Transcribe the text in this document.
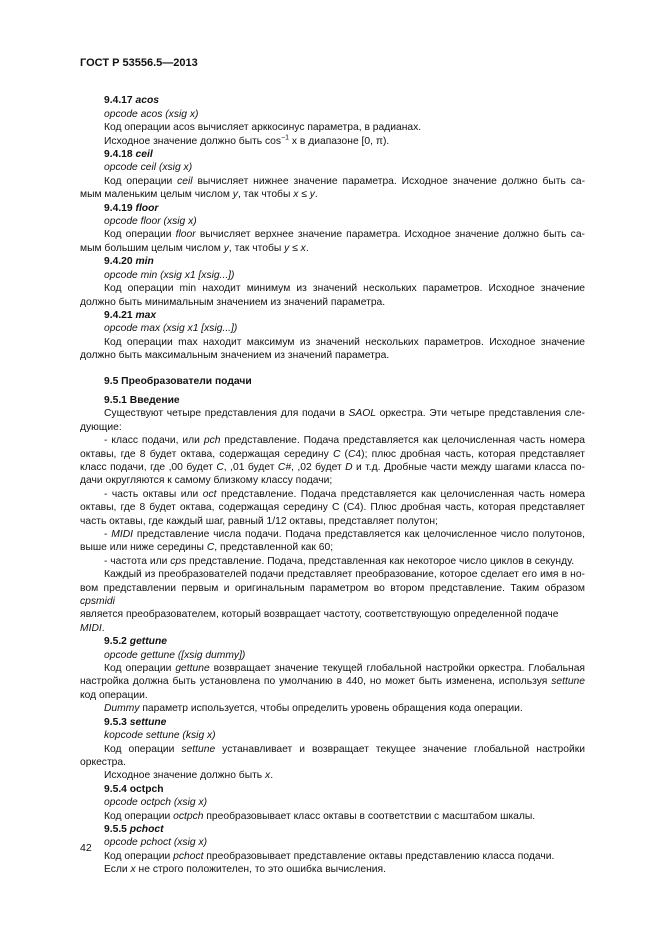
ГОСТ Р 53556.5—2013

9.4.17 acos

opcode acos (xsig x)

Код операции acos вычисляет арккосинус параметра, в радианах.

Исходное значение должно быть $\cos^{-1} x$ в диапазоне [0, π).

9.4.18 ceil

opcode ceil (xsig x)

Код операции ceil вычисляет нижнее значение параметра. Исходное значение должно быть са-

мым маленьким целым числом y, так чтобы x ≤ y.

9.4.19 floor

opcode floor (xsig x)

Код операции floor вычисляет верхнее значение параметра. Исходное значение должно быть са-

мым большим целым числом y, так чтобы y ≤ x.

9.4.20 min

opcode min (xsig x1 [xsig...])

Код операции min находит минимум из значений нескольких параметров. Исходное значение

должно быть минимальным значением из значений параметра.

9.4.21 max

opcode max (xsig x1 [xsig...])

Код операции max находит максимум из значений нескольких параметров. Исходное значение

должно быть максимальным значением из значений параметра.

9.5 Преобразователи подачи

9.5.1 Введение

Существуют четыре представления для подачи в SAOL оркестра. Эти четыре представления сле-

дующие:

- класс подачи, или pch представление. Подача представляется как целочисленная часть номера

октавы, где 8 будет октава, содержащая середину C (C4); плюс дробная часть, которая представляет

класс подачи, где ,00 будет C, ,01 будет C#, ,02 будет D и т.д. Дробные части между шагами класса по-

дачи округляются к самому близкому классу подачи;

- часть октавы или oct представление. Подача представляется как целочисленная часть номера

октавы, где 8 будет октава, содержащая середину C (C4). Плюс дробная часть, которая представляет

часть октавы, где каждый шаг, равный 1/12 октавы, представляет полутон;

- MIDI представление числа подачи. Подача представляется как целочисленное число полутонов,

выше или ниже середины C, представленной как 60;

- частота или cps представление. Подача, представленная как некоторое число циклов в секунду.

Каждый из преобразователей подачи представляет преобразование, которое сделает его имя в но-

вом представлении первым и оригинальным параметром во втором представление. Таким образом cpsmidi

является преобразователем, который возвращает частоту, соответствующую определенной подаче MIDI.

9.5.2 gettune

opcode gettune ([xsig dummy])

Код операции gettune возвращает значение текущей глобальной настройки оркестра. Глобальная

настройка должна быть установлена по умолчанию в 440, но может быть изменена, используя settune

код операции.

Dummy параметр используется, чтобы определить уровень обращения кода операции.

9.5.3 settune

kopcode settune (ksig x)

Код операции settune устанавливает и возвращает текущее значение глобальной настройки

оркестра.

Исходное значение должно быть x.

9.5.4 octpch

opcode octpch (xsig x)

Код операции octpch преобразовывает класс октавы в соответствии с масштабом шкалы.

9.5.5 pchoct

opcode pchoct (xsig x)

Код операции pchoct преобразовывает представление октавы представлению класса подачи.

Если x не строго положителен, то это ошибка вычисления.

42
